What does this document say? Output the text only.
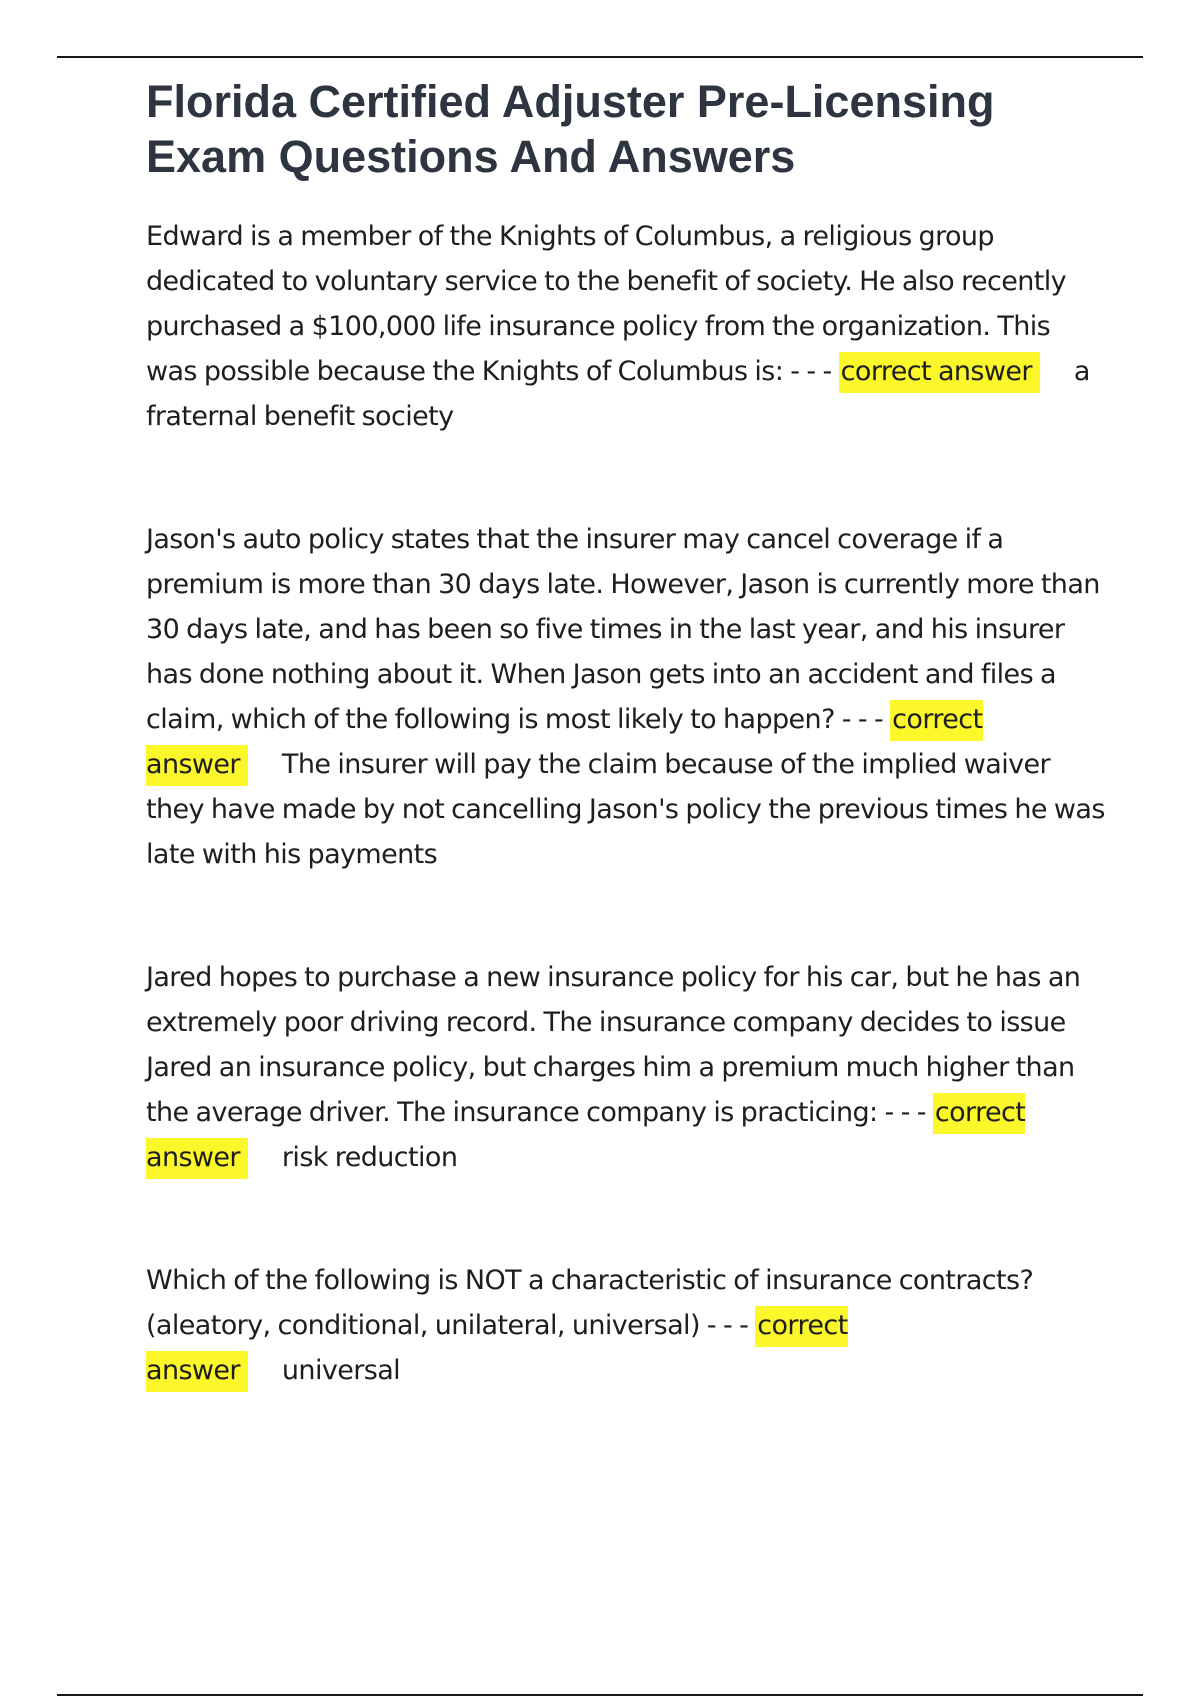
Florida Certified Adjuster Pre-Licensing Exam Questions And Answers

Edward is a member of the Knights of Columbus, a religious group dedicated to voluntary service to the benefit of society. He also recently purchased a $100,000 life insurance policy from the organization. This was possible because the Knights of Columbus is: - - - correct answer a fraternal benefit society

Jason's auto policy states that the insurer may cancel coverage if a premium is more than 30 days late. However, Jason is currently more than 30 days late, and has been so five times in the last year, and his insurer has done nothing about it. When Jason gets into an accident and files a claim, which of the following is most likely to happen? - - - correct answer The insurer will pay the claim because of the implied waiver they have made by not cancelling Jason's policy the previous times he was late with his payments

Jared hopes to purchase a new insurance policy for his car, but he has an extremely poor driving record. The insurance company decides to issue Jared an insurance policy, but charges him a premium much higher than the average driver. The insurance company is practicing: - - - correct answer risk reduction

Which of the following is NOT a characteristic of insurance contracts? (aleatory, conditional, unilateral, universal) - - - correct answer universal
